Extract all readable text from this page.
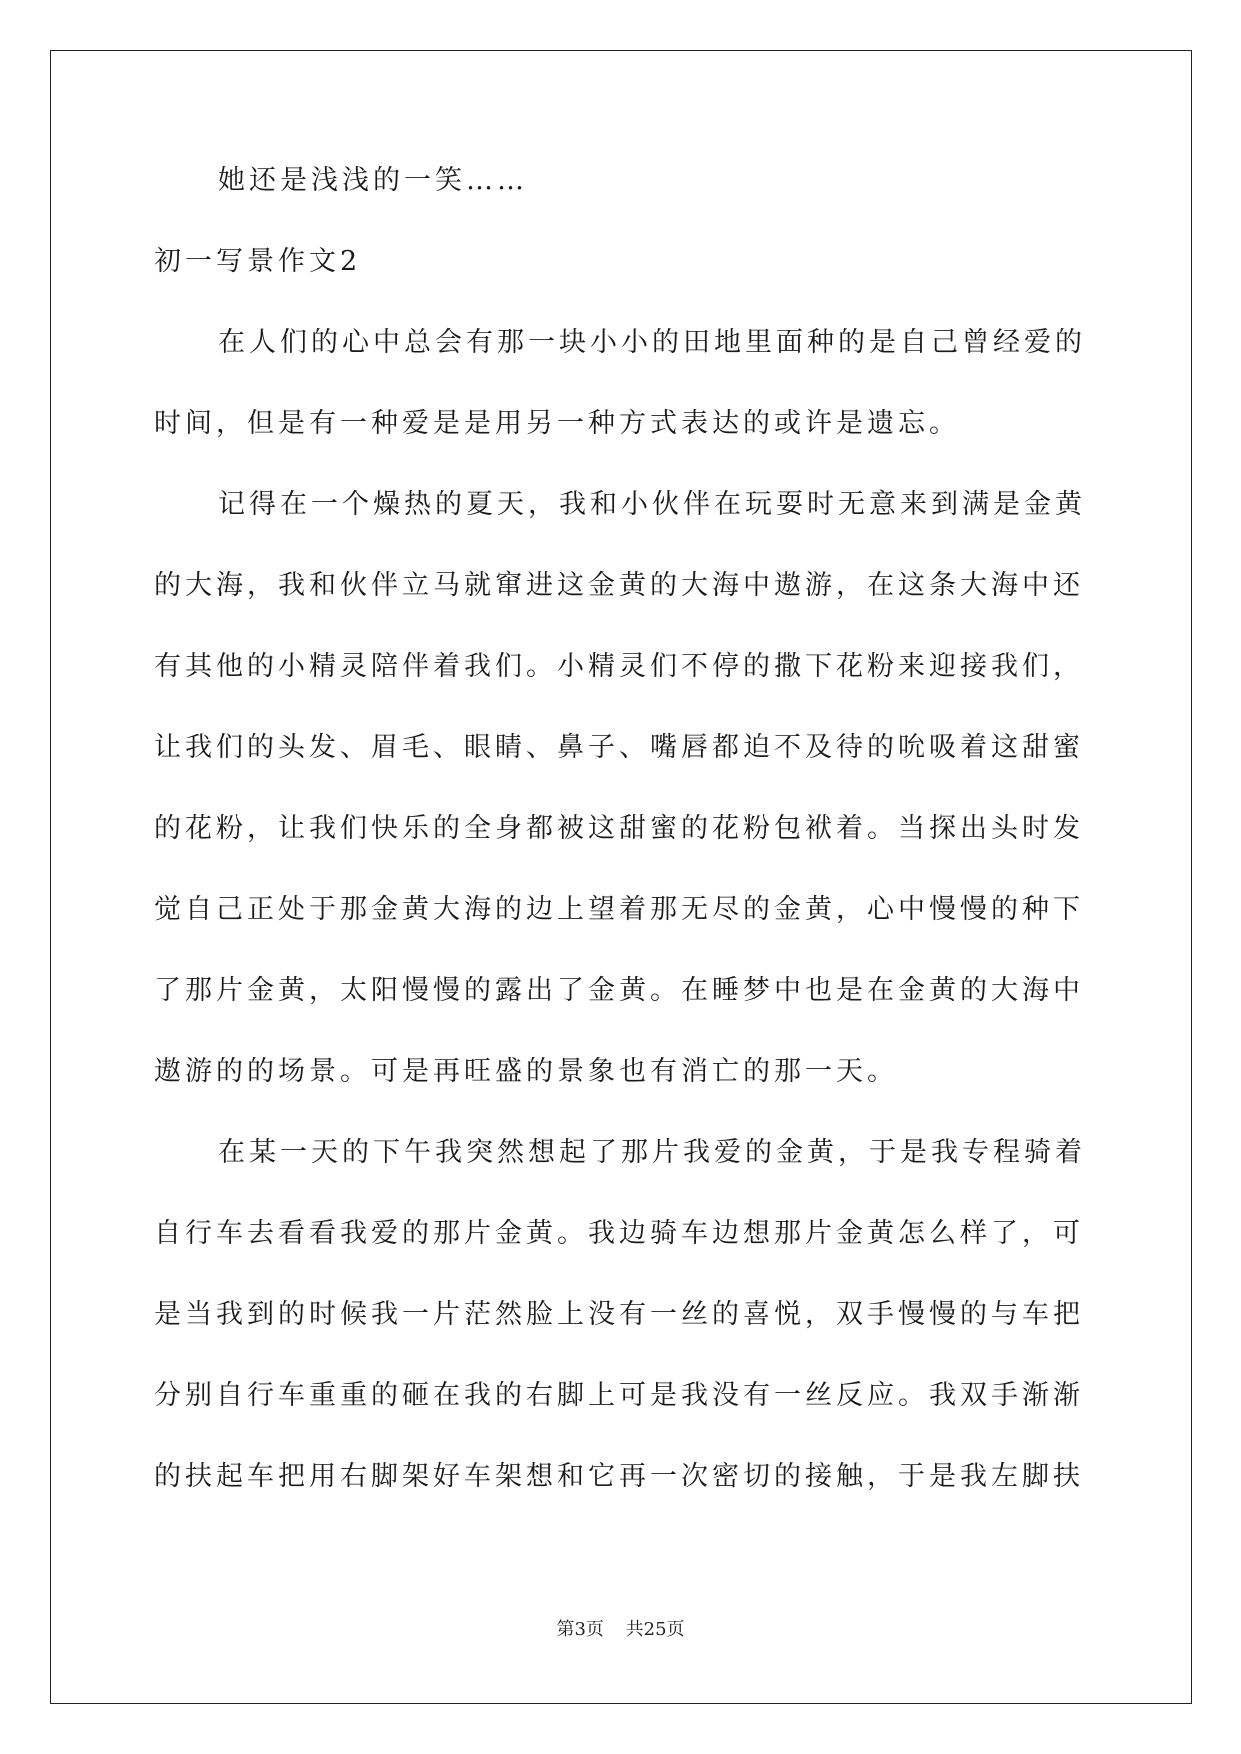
她还是浅浅的一笑……
初一写景作文2
在人们的心中总会有那一块小小的田地里面种的是自己曾经爱的
时间，但是有一种爱是是用另一种方式表达的或许是遗忘。
记得在一个燥热的夏天，我和小伙伴在玩耍时无意来到满是金黄
的大海，我和伙伴立马就窜进这金黄的大海中遨游，在这条大海中还
有其他的小精灵陪伴着我们。小精灵们不停的撒下花粉来迎接我们，
让我们的头发、眉毛、眼睛、鼻子、嘴唇都迫不及待的吮吸着这甜蜜
的花粉，让我们快乐的全身都被这甜蜜的花粉包袱着。当探出头时发
觉自己正处于那金黄大海的边上望着那无尽的金黄，心中慢慢的种下
了那片金黄，太阳慢慢的露出了金黄。在睡梦中也是在金黄的大海中
遨游的的场景。可是再旺盛的景象也有消亡的那一天。
在某一天的下午我突然想起了那片我爱的金黄，于是我专程骑着
自行车去看看我爱的那片金黄。我边骑车边想那片金黄怎么样了，可
是当我到的时候我一片茫然脸上没有一丝的喜悦，双手慢慢的与车把
分别自行车重重的砸在我的右脚上可是我没有一丝反应。我双手渐渐
的扶起车把用右脚架好车架想和它再一次密切的接触，于是我左脚扶
第3页 共25页
